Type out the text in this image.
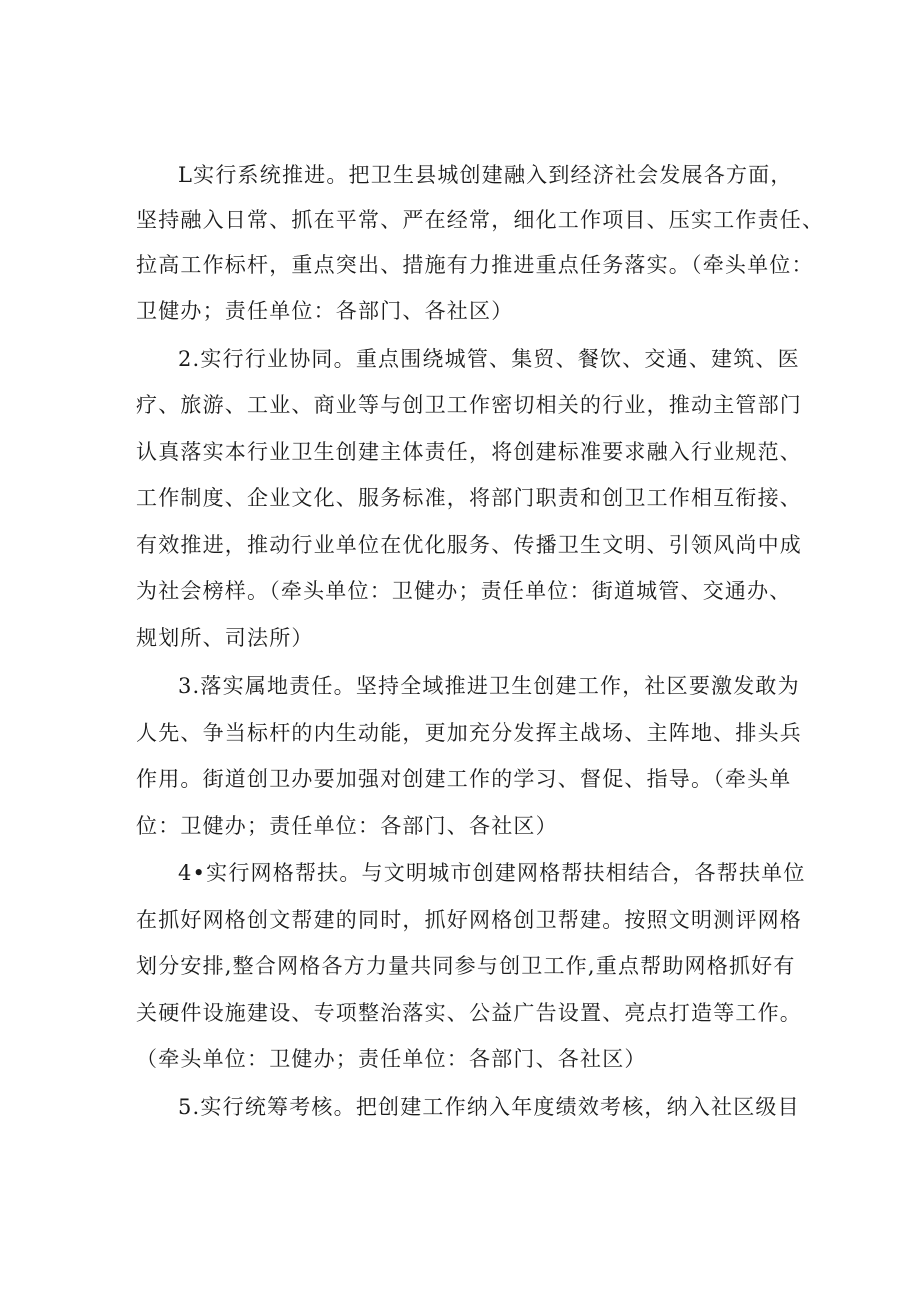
L实行系统推进。把卫生县城创建融入到经济社会发展各方面，
坚持融入日常、抓在平常、严在经常，细化工作项目、压实工作责任、
拉高工作标杆，重点突出、措施有力推进重点任务落实。（牵头单位：
卫健办；责任单位：各部门、各社区）
2.实行行业协同。重点围绕城管、集贸、餐饮、交通、建筑、医
疗、旅游、工业、商业等与创卫工作密切相关的行业，推动主管部门
认真落实本行业卫生创建主体责任，将创建标准要求融入行业规范、
工作制度、企业文化、服务标准，将部门职责和创卫工作相互衔接、
有效推进，推动行业单位在优化服务、传播卫生文明、引领风尚中成
为社会榜样。（牵头单位：卫健办；责任单位：街道城管、交通办、
规划所、司法所）
3.落实属地责任。坚持全域推进卫生创建工作，社区要激发敢为
人先、争当标杆的内生动能，更加充分发挥主战场、主阵地、排头兵
作用。街道创卫办要加强对创建工作的学习、督促、指导。（牵头单
位：卫健办；责任单位：各部门、各社区）
4•实行网格帮扶。与文明城市创建网格帮扶相结合，各帮扶单位
在抓好网格创文帮建的同时，抓好网格创卫帮建。按照文明测评网格
划分安排,整合网格各方力量共同参与创卫工作,重点帮助网格抓好有
关硬件设施建设、专项整治落实、公益广告设置、亮点打造等工作。
（牵头单位：卫健办；责任单位：各部门、各社区）
5.实行统筹考核。把创建工作纳入年度绩效考核，纳入社区级目
